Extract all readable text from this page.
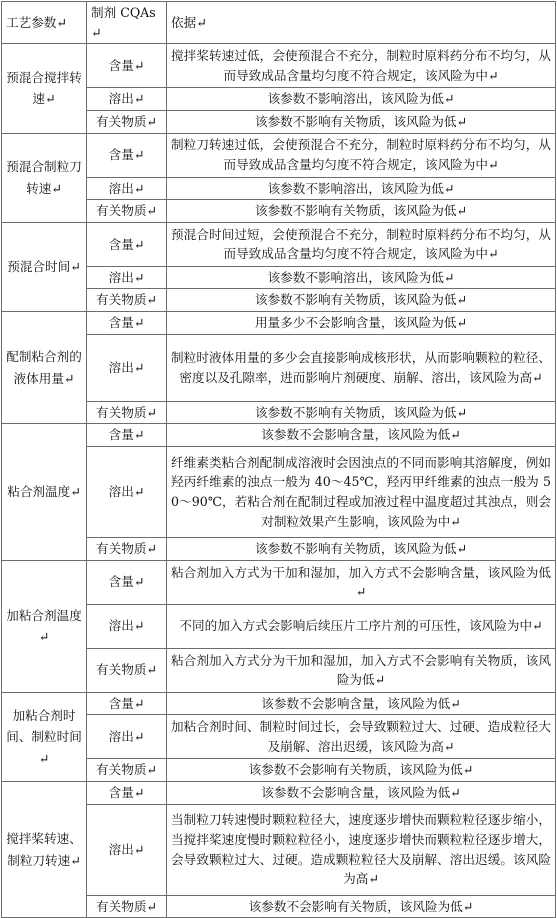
工艺参数↵	制剂 CQAs↵	依据↵
预混合搅拌转速↵	含量↵	搅拌桨转速过低，会使预混合不充分，制粒时原料药分布不均匀，从而导致成品含量均匀度不符合规定，该风险为中↵
	溶出↵	该参数不影响溶出，该风险为低↵
	有关物质↵	该参数不影响有关物质，该风险为低↵
预混合制粒刀转速↵	含量↵	制粒刀转速过低，会使预混合不充分，制粒时原料药分布不均匀，从而导致成品含量均匀度不符合规定，该风险为中↵
	溶出↵	该参数不影响溶出，该风险为低↵
	有关物质↵	该参数不影响有关物质，该风险为低↵
预混合时间↵	含量↵	预混合时间过短，会使预混合不充分，制粒时原料药分布不均匀，从而导致成品含量均匀度不符合规定，该风险为中↵
	溶出↵	该参数不影响溶出，该风险为低↵
	有关物质↵	该参数不影响有关物质，该风险为低↵
配制粘合剂的液体用量↵	含量↵	用量多少不会影响含量，该风险为低↵
	溶出↵	制粒时液体用量的多少会直接影响成核形状，从而影响颗粒的粒径、密度以及孔隙率，进而影响片剂硬度、崩解、溶出，该风险为高↵
	有关物质↵	该参数不影响有关物质，该风险为低↵
粘合剂温度↵	含量↵	该参数不会影响含量，该风险为低↵
	溶出↵	纤维素类粘合剂配制成溶液时会因浊点的不同而影响其溶解度，例如羟丙纤维素的浊点一般为 40～45℃，羟丙甲纤维素的浊点一般为 50～90℃，若粘合剂在配制过程或加液过程中温度超过其浊点，则会对制粒效果产生影响，该风险为中↵
	有关物质↵	该参数不影响有关物质，该风险为低↵
加粘合剂温度↵	含量↵	粘合剂加入方式为干加和湿加，加入方式不会影响含量，该风险为低↵
	溶出↵	不同的加入方式会影响后续压片工序片剂的可压性，该风险为中↵
	有关物质↵	粘合剂加入方式分为干加和湿加，加入方式不会影响有关物质，该风险为低↵
加粘合剂时间、制粒时间↵	含量↵	该参数不会影响含量，该风险为低↵
	溶出↵	加粘合剂时间、制粒时间过长，会导致颗粒过大、过硬、造成粒径大及崩解、溶出迟缓，该风险为高↵
	有关物质↵	该参数不会影响有关物质，该风险为低↵
搅拌桨转速、制粒刀转速↵	含量↵	该参数不会影响含量，该风险为低↵
	溶出↵	当制粒刀转速慢时颗粒粒径大，速度逐步增快而颗粒粒径逐步缩小，当搅拌桨速度慢时颗粒粒径小，速度逐步增快而颗粒粒径逐步增大，会导致颗粒过大、过硬。造成颗粒粒径大及崩解、溶出迟缓。该风险为高↵
	有关物质↵	该参数不会影响有关物质，该风险为低↵
